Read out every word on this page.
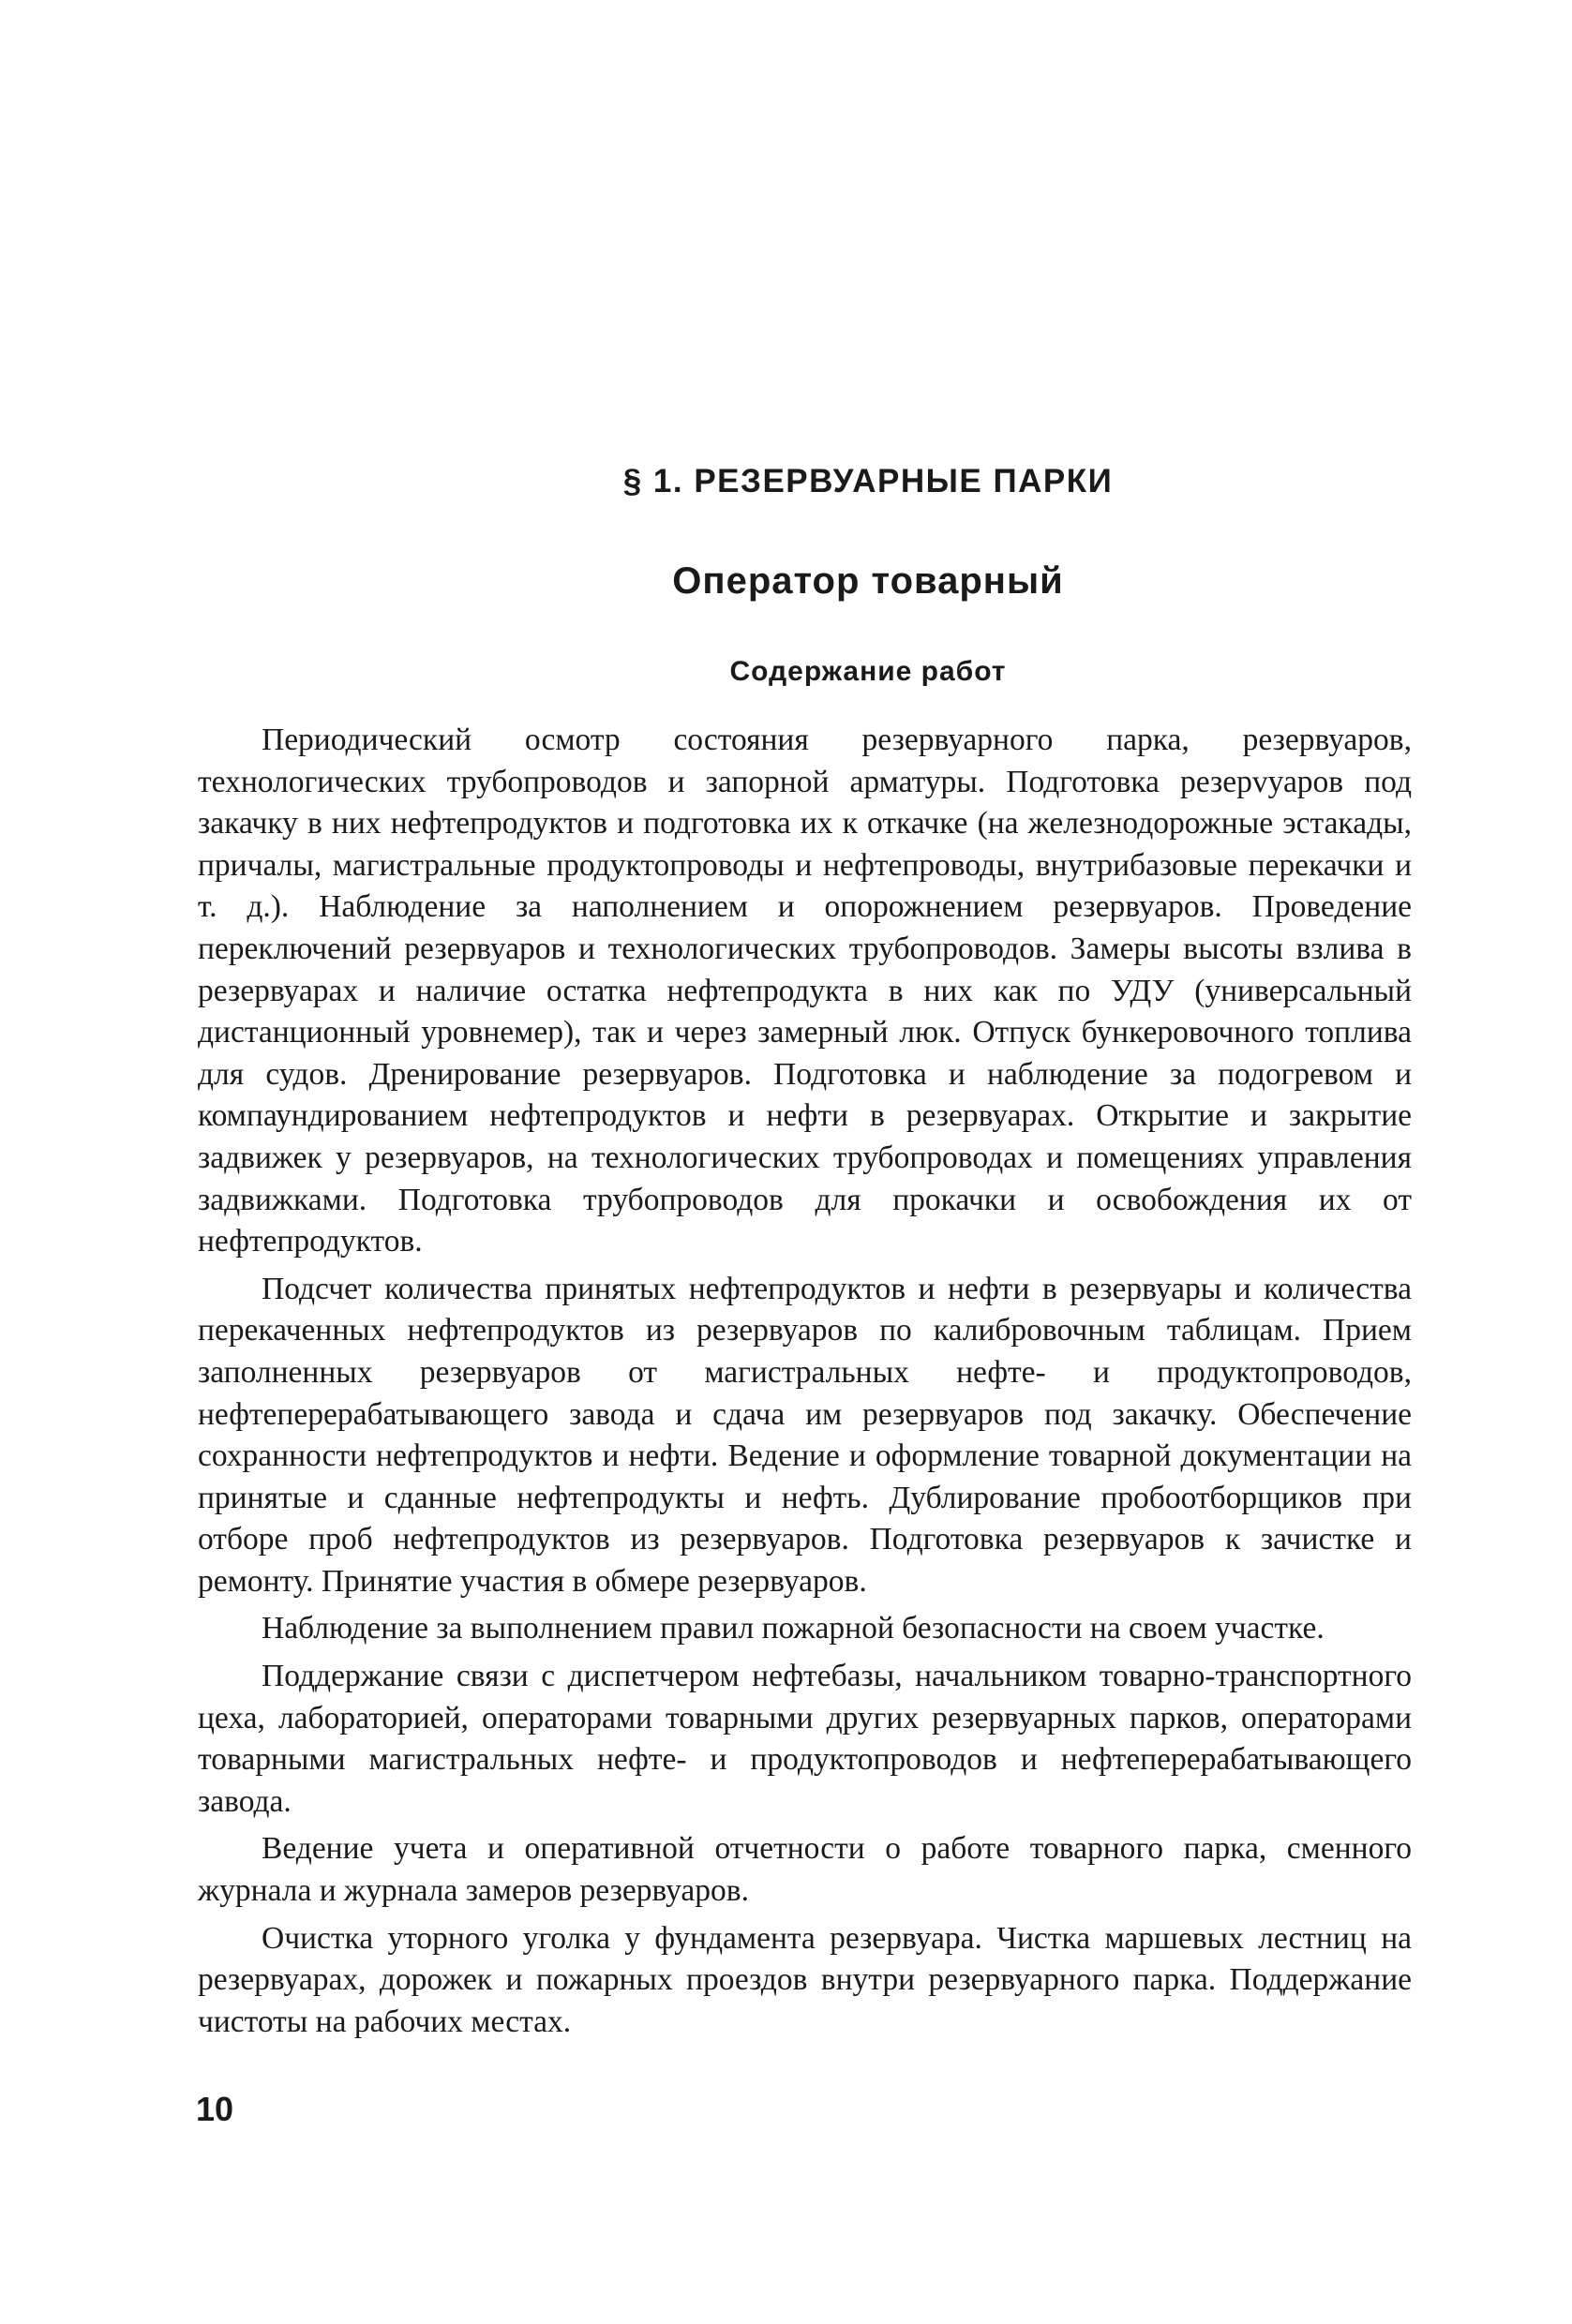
§ 1. РЕЗЕРВУАРНЫЕ ПАРКИ
Оператор товарный
Содержание работ

Периодический осмотр состояния резервуарного парка, резервуаров, технологических трубопроводов и запорной арматуры. Подготовка резерvуаров под закачку в них нефтепродуктов и подготовка их к откачке (на железнодорожные эстакады, причалы, магистральные продуктопроводы и нефтепроводы, внутрибазовые перекачки и т. д.). Наблюдение за наполнением и опорожнением резервуаров. Проведение переключений резервуаров и технологических трубопроводов. Замеры высоты взлива в резервуарах и наличие остатка нефтепродукта в них как по УДУ (универсальный дистанционный уровнемер), так и через замерный люк. Отпуск бункеровочного топлива для судов. Дренирование резервуаров. Подготовка и наблюдение за подогревом и компаундированием нефтепродуктов и нефти в резервуарах. Открытие и закрытие задвижек у резервуаров, на технологических трубопроводах и помещениях управления задвижками. Подготовка трубопроводов для прокачки и освобождения их от нефтепродуктов.

Подсчет количества принятых нефтепродуктов и нефти в резервуары и количества перекаченных нефтепродуктов из резервуаров по калибровочным таблицам. Прием заполненных резервуаров от магистральных нефте- и продуктопроводов, нефтеперерабатывающего завода и сдача им резервуаров под закачку. Обеспечение сохранности нефтепродуктов и нефти. Ведение и оформление товарной документации на принятые и сданные нефтепродукты и нефть. Дублирование пробоотборщиков при отборе проб нефтепродуктов из резервуаров. Подготовка резервуаров к зачистке и ремонту. Принятие участия в обмере резервуаров.

Наблюдение за выполнением правил пожарной безопасности на своем участке.

Поддержание связи с диспетчером нефтебазы, начальником товарно-транспортного цеха, лабораторией, операторами товарными других резервуарных парков, операторами товарными магистральных нефте- и продуктопроводов и нефтеперерабатывающего завода.

Ведение учета и оперативной отчетности о работе товарного парка, сменного журнала и журнала замеров резервуаров.

Очистка уторного уголка у фундамента резервуара. Чистка маршевых лестниц на резервуарах, дорожек и пожарных проездов внутри резервуарного парка. Поддержание чистоты на рабочих местах.

10
